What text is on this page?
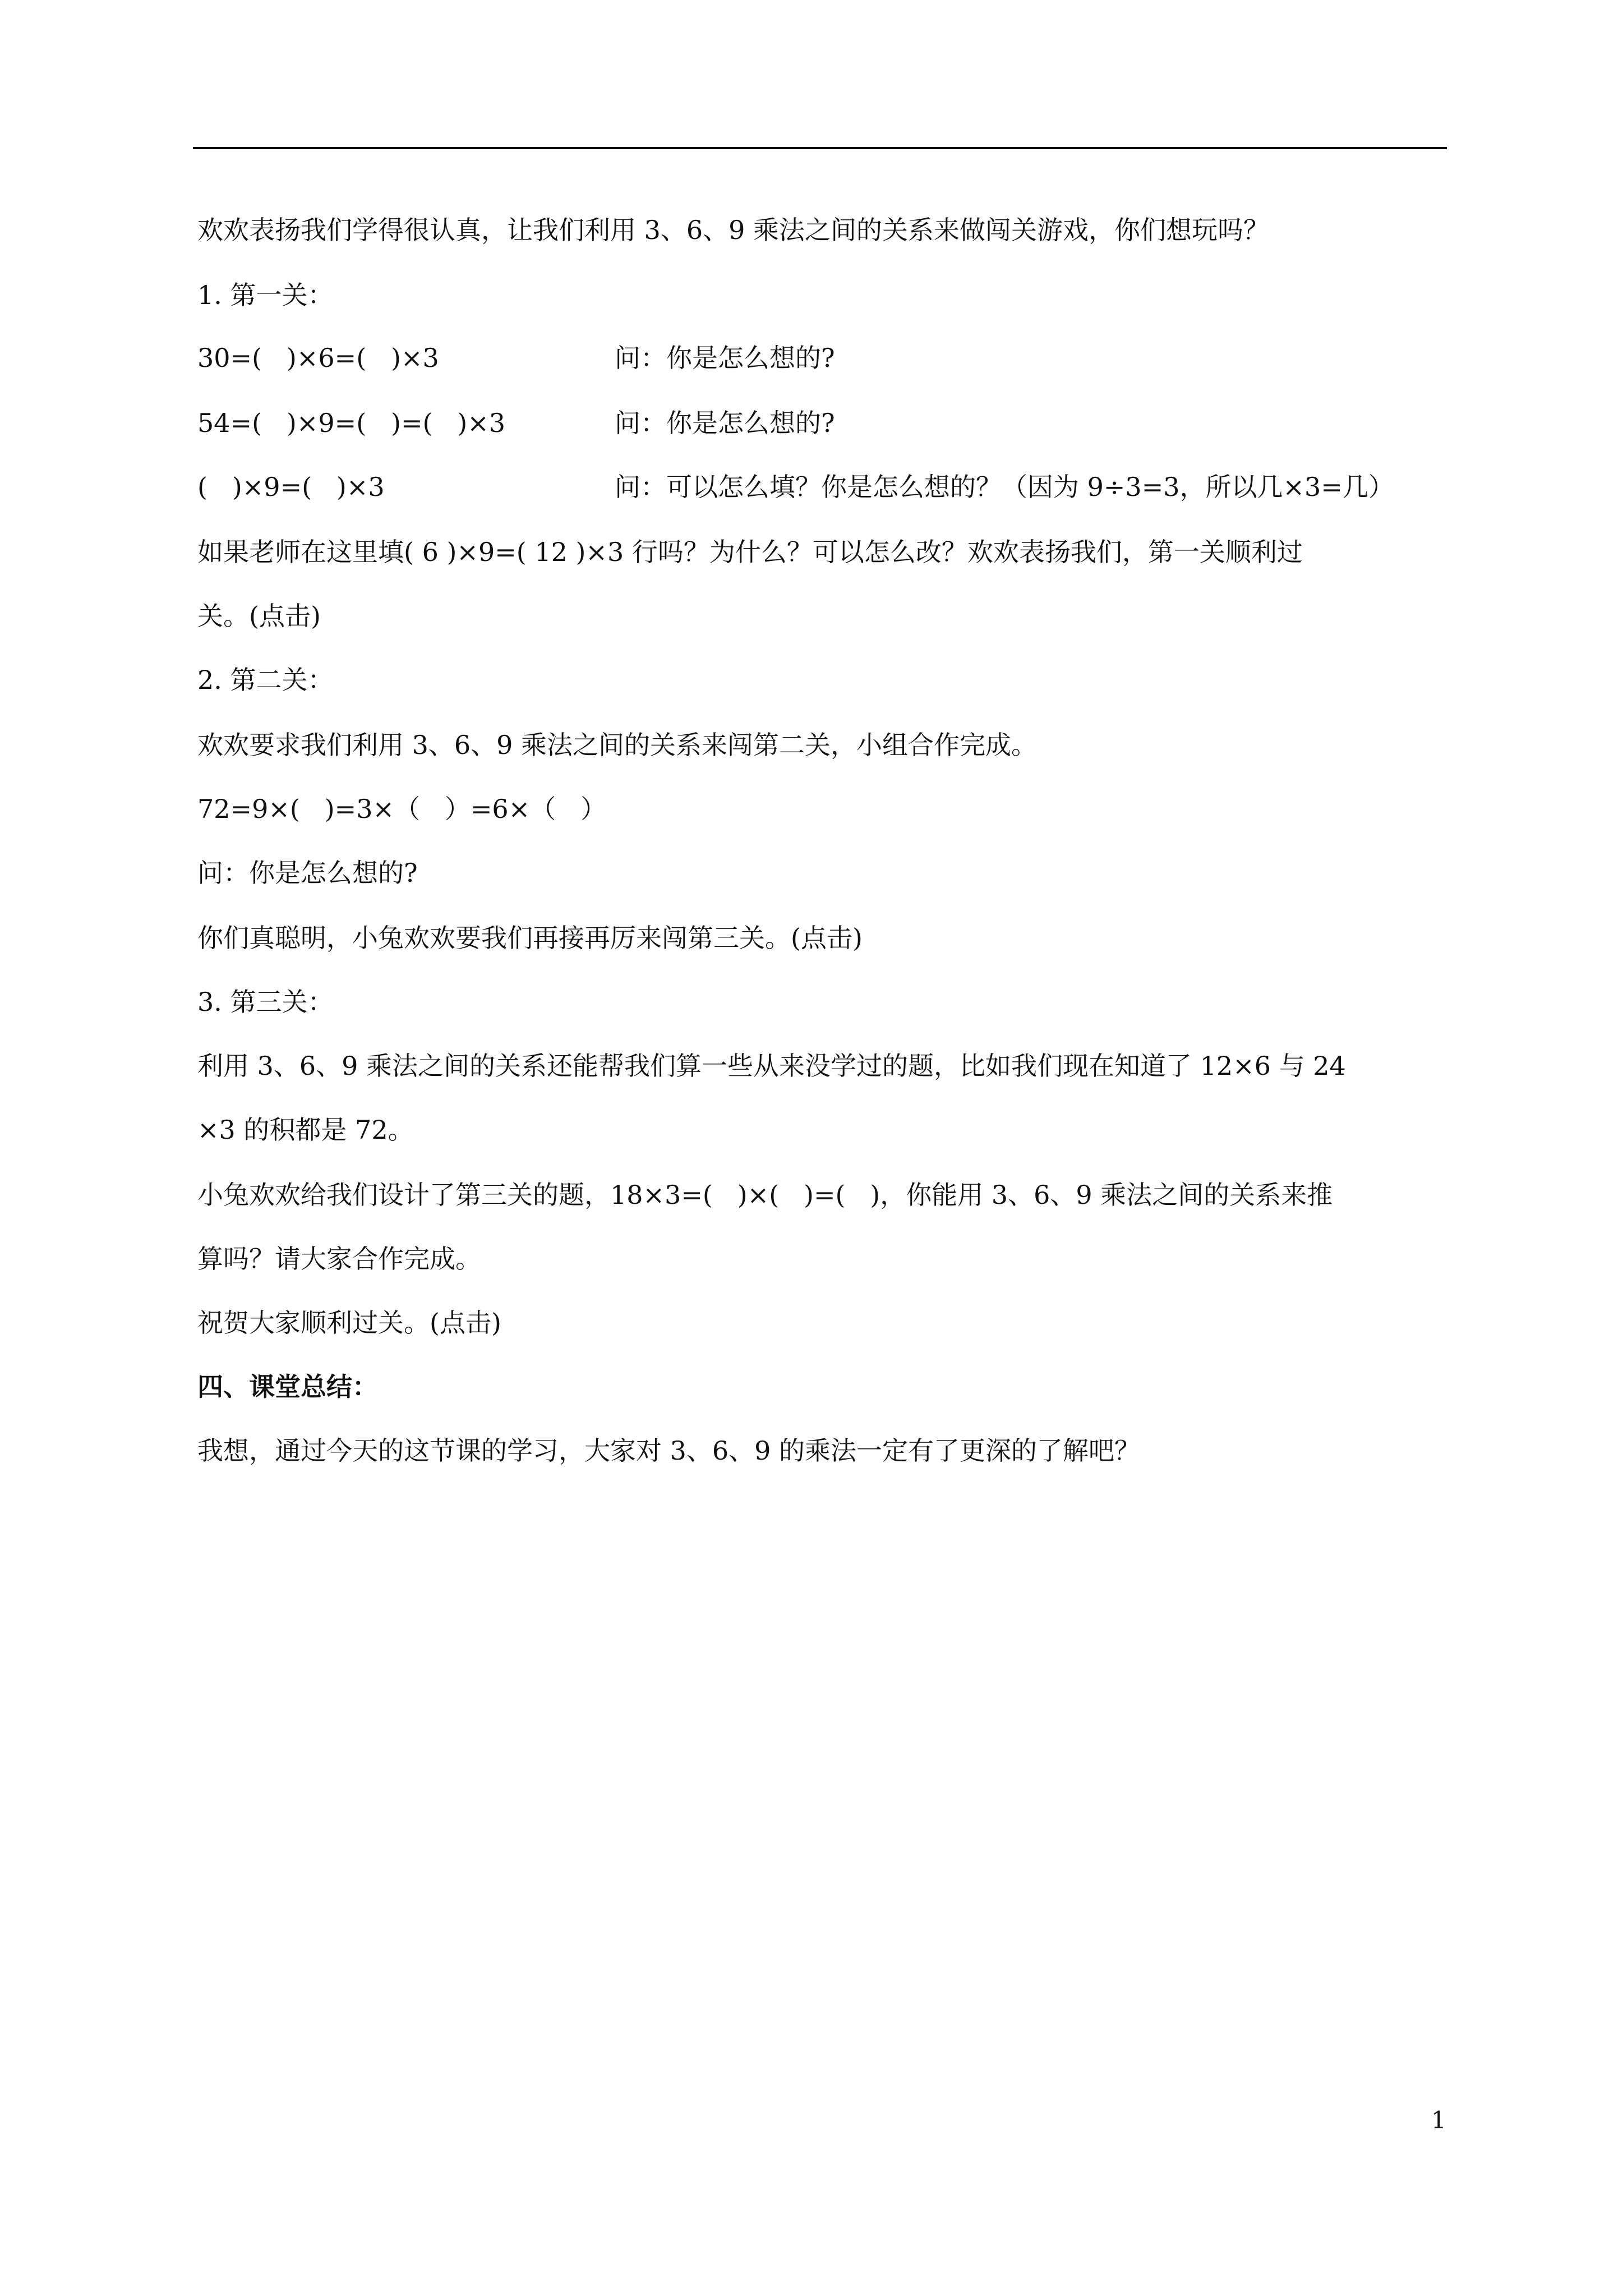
欢欢表扬我们学得很认真，让我们利用 3、6、9 乘法之间的关系来做闯关游戏，你们想玩吗？
1. 第一关：
30=(   )×6=(   )×3	问：你是怎么想的?
54=(   )×9=(   )=(   )×3	问：你是怎么想的?
(   )×9=(   )×3	问：可以怎么填？你是怎么想的？（因为 9÷3=3，所以几×3=几）
如果老师在这里填( 6 )×9=( 12 )×3 行吗？为什么？可以怎么改？欢欢表扬我们，第一关顺利过
关。(点击)
2. 第二关：
欢欢要求我们利用 3、6、9 乘法之间的关系来闯第二关，小组合作完成。
72=9×(   )=3×（   ）=6×（   ）
问：你是怎么想的?
你们真聪明，小兔欢欢要我们再接再厉来闯第三关。(点击)
3. 第三关：
利用 3、6、9 乘法之间的关系还能帮我们算一些从来没学过的题，比如我们现在知道了 12×6 与 24
×3 的积都是 72。
小兔欢欢给我们设计了第三关的题，18×3=(   )×(   )=(   )，你能用 3、6、9 乘法之间的关系来推
算吗？请大家合作完成。
祝贺大家顺利过关。(点击)
四、课堂总结：
我想，通过今天的这节课的学习，大家对 3、6、9 的乘法一定有了更深的了解吧？
1
